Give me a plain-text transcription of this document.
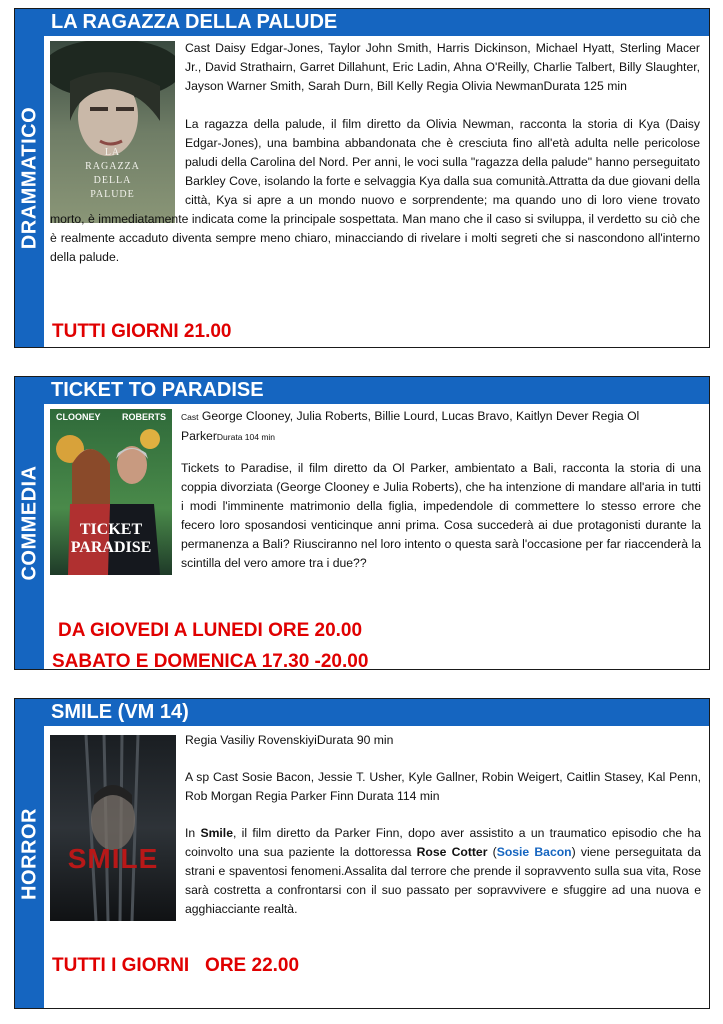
DRAMMATICO
LA RAGAZZA DELLA PALUDE
LA RAGAZZA DELLA PALUDE

Cast Daisy Edgar-Jones, Taylor John Smith, Harris Dickinson, Michael Hyatt, Sterling Macer Jr., David Strathairn, Garret Dillahunt, Eric Ladin, Ahna O'Reilly, Charlie Talbert, Billy Slaughter, Jayson Warner Smith, Sarah Durn, Bill Kelly Regia Olivia NewmanDurata 125 min

La ragazza della palude, il film diretto da Olivia Newman, racconta la storia di Kya (Daisy Edgar-Jones), una bambina abbandonata che è cresciuta fino all'età adulta nelle pericolose paludi della Carolina del Nord. Per anni, le voci sulla "ragazza della palude" hanno perseguitato Barkley Cove, isolando la forte e selvaggia Kya dalla sua comunità.Attratta da due giovani della città, Kya si apre a un mondo nuovo e sorprendente; ma quando uno di loro viene trovato morto, è immediatamente indicata come la principale sospettata. Man mano che il caso si sviluppa, il verdetto su ciò che è realmente accaduto diventa sempre meno chiaro, minacciando di rivelare i molti segreti che si nascondono all'interno della palude.

TUTTI GIORNI 21.00
COMMEDIA
TICKET TO PARADISE
CLOONEY ROBERTS
TICKET
PARADISE

Cast George Clooney, Julia Roberts, Billie Lourd, Lucas Bravo, Kaitlyn Dever Regia Ol ParkerDurata 104 min

Tickets to Paradise, il film diretto da Ol Parker, ambientato a Bali, racconta la storia di una coppia divorziata (George Clooney e Julia Roberts), che ha intenzione di mandare all'aria in tutti i modi l'imminente matrimonio della figlia, impedendole di commettere lo stesso errore che fecero loro sposandosi venticinque anni prima. Cosa succederà ai due protagonisti durante la permanenza a Bali? Riusciranno nel loro intento o questa sarà l'occasione per far riaccenderà la scintilla del vero amore tra i due??

DA GIOVEDI A LUNEDI ORE 20.00
SABATO E DOMENICA 17.30 -20.00
HORROR
SMILE (VM 14)
SMILE

Regia Vasiliy RovenskiyiDurata 90 min

A sp Cast Sosie Bacon, Jessie T. Usher, Kyle Gallner, Robin Weigert, Caitlin Stasey, Kal Penn, Rob Morgan Regia Parker Finn Durata 114 min

In Smile, il film diretto da Parker Finn, dopo aver assistito a un traumatico episodio che ha coinvolto una sua paziente la dottoressa Rose Cotter (Sosie Bacon) viene perseguitata da strani e spaventosi fenomeni.Assalita dal terrore che prende il sopravvento sulla sua vita, Rose sarà costretta a confrontarsi con il suo passato per sopravvivere e sfuggire ad una nuova e agghiacciante realtà.

TUTTI I GIORNI   ORE 22.00
